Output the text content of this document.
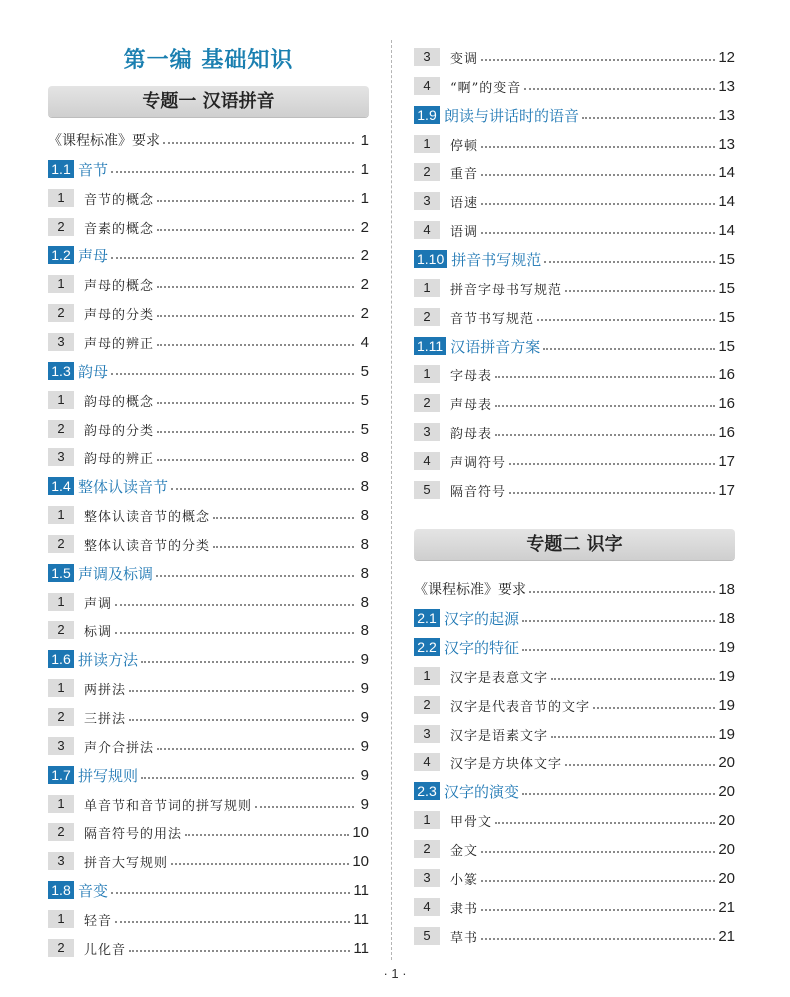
第一编 基础知识
专题一 汉语拼音
专题二 识字
《课程标准》要求	1
1.1 音节	1
1	音节的概念	1
2	音素的概念	2
1.2 声母	2
1	声母的概念	2
2	声母的分类	2
3	声母的辨正	4
1.3 韵母	5
1	韵母的概念	5
2	韵母的分类	5
3	韵母的辨正	8
1.4 整体认读音节	8
1	整体认读音节的概念	8
2	整体认读音节的分类	8
1.5 声调及标调	8
1	声调	8
2	标调	8
1.6 拼读方法	9
1	两拼法	9
2	三拼法	9
3	声介合拼法	9
1.7 拼写规则	9
1	单音节和音节词的拼写规则	9
2	隔音符号的用法	10
3	拼音大写规则	10
1.8 音变	11
1	轻音	11
2	儿化音	11
3	变调	12
4	“啊”的变音	13
1.9 朗读与讲话时的语音	13
1	停顿	13
2	重音	14
3	语速	14
4	语调	14
1.10 拼音书写规范	15
1	拼音字母书写规范	15
2	音节书写规范	15
1.11 汉语拼音方案	15
1	字母表	16
2	声母表	16
3	韵母表	16
4	声调符号	17
5	隔音符号	17
《课程标准》要求	18
2.1 汉字的起源	18
2.2 汉字的特征	19
1	汉字是表意文字	19
2	汉字是代表音节的文字	19
3	汉字是语素文字	19
4	汉字是方块体文字	20
2.3 汉字的演变	20
1	甲骨文	20
2	金文	20
3	小篆	20
4	隶书	21
5	草书	21
· 1 ·
